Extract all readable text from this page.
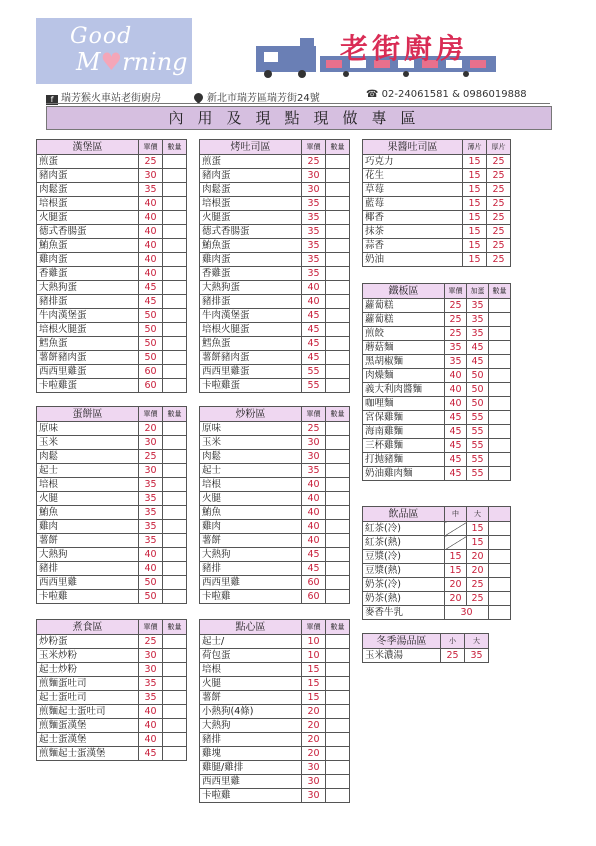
Good
M♥rning	老街廚房
f 瑞芳猴火車站老街廚房	新北市瑞芳區瑞芳街24號	☎ 02-24061581 & 0986019888
內用及現點現做專區
漢堡區	單價	數量
煎蛋	25	
豬肉蛋	30	
肉鬆蛋	35	
培根蛋	40	
火腿蛋	40	
德式香腸蛋	40	
鮪魚蛋	40	
雞肉蛋	40	
香雞蛋	40	
大熱狗蛋	45	
豬排蛋	45	
牛肉漢堡蛋	50	
培根火腿蛋	50	
鱈魚蛋	50	
薯餅豬肉蛋	50	
西西里雞蛋	60	
卡啦雞蛋	60	
烤吐司區	單價	數量
煎蛋	25	
豬肉蛋	30	
肉鬆蛋	30	
培根蛋	35	
火腿蛋	35	
德式香腸蛋	35	
鮪魚蛋	35	
雞肉蛋	35	
香雞蛋	35	
大熱狗蛋	40	
豬排蛋	40	
牛肉漢堡蛋	45	
培根火腿蛋	45	
鱈魚蛋	45	
薯餅豬肉蛋	45	
西西里雞蛋	55	
卡啦雞蛋	55	
果醬吐司區	薄片	厚片
巧克力	15	25
花生	15	25
草莓	15	25
藍莓	15	25
椰香	15	25
抹茶	15	25
蒜香	15	25
奶油	15	25
鐵板區	單價	加蛋	數量
蘿蔔糕	25	35	
蘿蔔糕	25	35	
煎餃	25	35	
蘑菇麵	35	45	
黑胡椒麵	35	45	
肉燥麵	40	50	
義大利肉醬麵	40	50	
咖哩麵	40	50	
宮保雞麵	45	55	
海南雞麵	45	55	
三杯雞麵	45	55	
打抛豬麵	45	55	
奶油雞肉麵	45	55	
蛋餅區	單價	數量
原味	20	
玉米	30	
肉鬆	25	
起士	30	
培根	35	
火腿	35	
鮪魚	35	
雞肉	35	
薯餅	35	
大熱狗	40	
豬排	40	
西西里雞	50	
卡啦雞	50	
炒粉區	單價	數量
原味	25	
玉米	30	
肉鬆	30	
起士	35	
培根	40	
火腿	40	
鮪魚	40	
雞肉	40	
薯餅	40	
大熱狗	45	
豬排	45	
西西里雞	60	
卡啦雞	60	
飲品區	中	大	
紅茶(冷)		15	
紅茶(熱)		15	
豆漿(冷)	15	20	
豆漿(熱)	15	20	
奶茶(冷)	20	25	
奶茶(熱)	20	25	
麥香牛乳	30		
冬季湯品區	小	大
玉米濃湯	25	35
煮食區	單價	數量
炒粉蛋	25	
玉米炒粉	30	
起士炒粉	30	
煎麵蛋吐司	35	
起士蛋吐司	35	
煎麵起士蛋吐司	40	
煎麵蛋漢堡	40	
起士蛋漢堡	40	
煎麵起士蛋漢堡	45	
點心區	單價	數量
起士/	10	
荷包蛋	10	
培根	15	
火腿	15	
薯餅	15	
小熱狗(4條)	20	
大熱狗	20	
豬排	20	
雞塊	20	
雞腿/雞排	30	
西西里雞	30	
卡啦雞	30	
